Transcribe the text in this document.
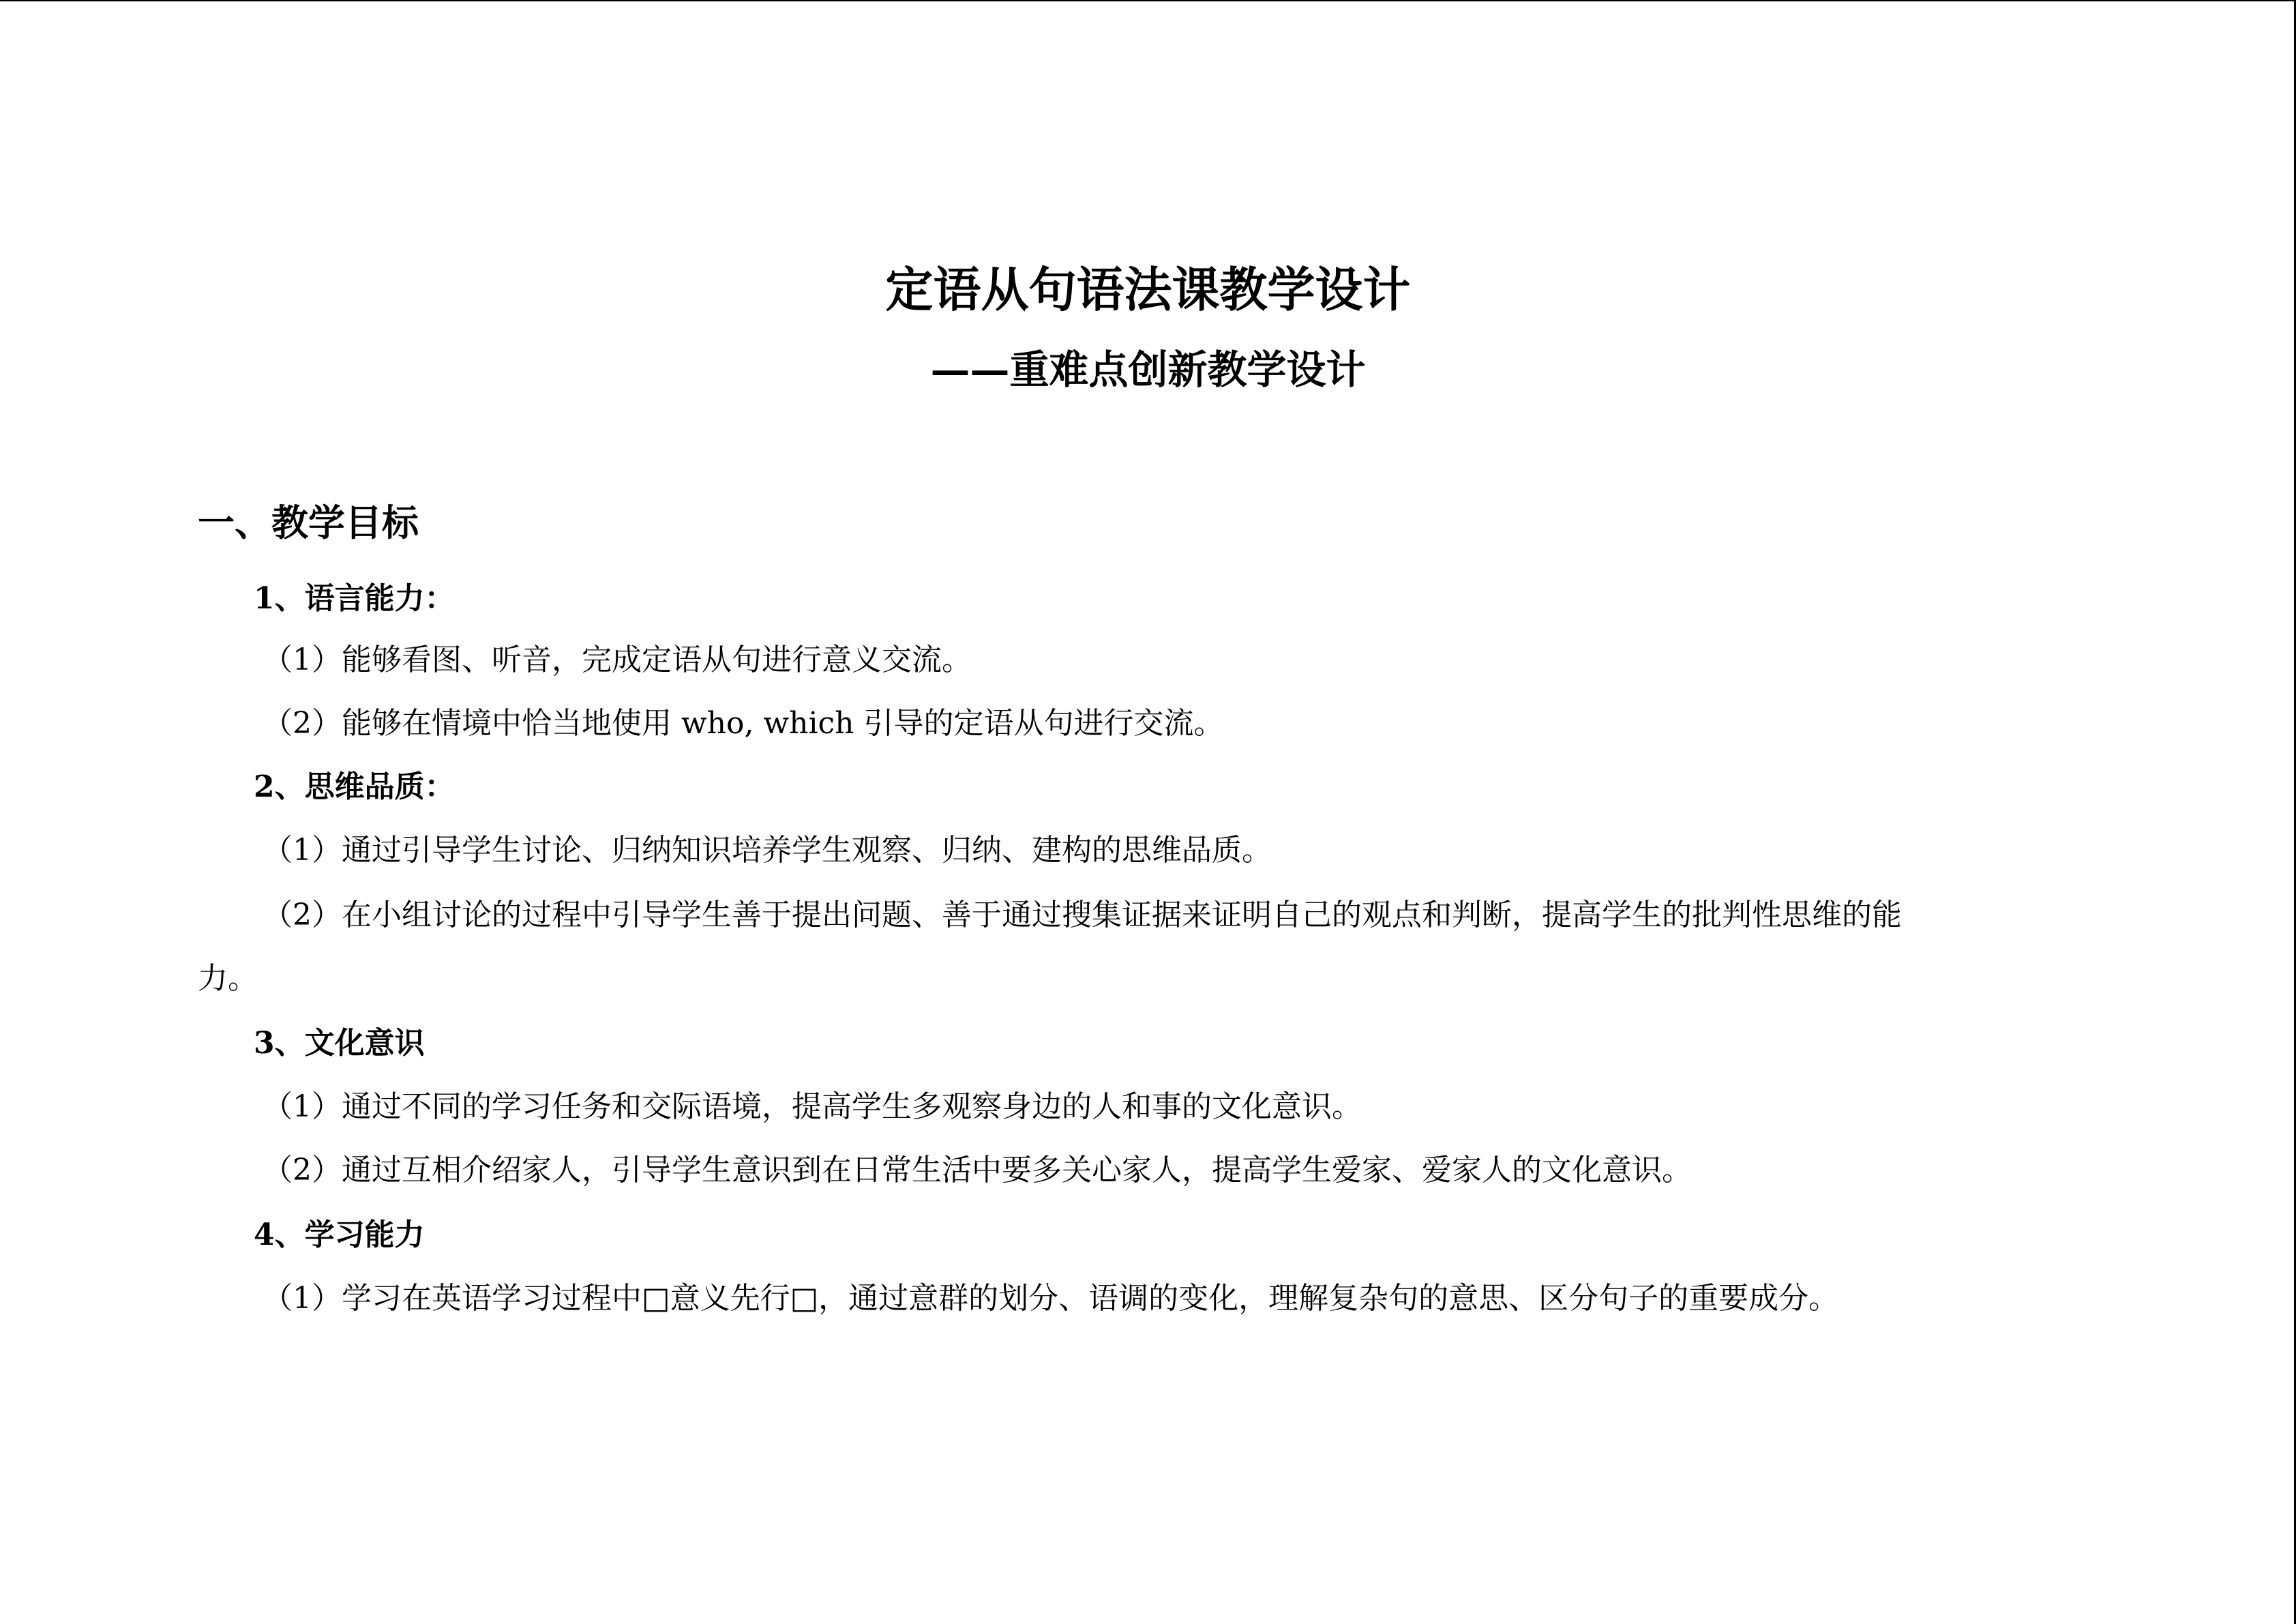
定语从句语法课教学设计
——重难点创新教学设计
一、教学目标
1、语言能力：
（1）能够看图、听音，完成定语从句进行意义交流。
（2）能够在情境中恰当地使用 who, which 引导的定语从句进行交流。
2、思维品质：
（1）通过引导学生讨论、归纳知识培养学生观察、归纳、建构的思维品质。
（2）在小组讨论的过程中引导学生善于提出问题、善于通过搜集证据来证明自己的观点和判断，提高学生的批判性思维的能
力。
3、文化意识
（1）通过不同的学习任务和交际语境，提高学生多观察身边的人和事的文化意识。
（2）通过互相介绍家人，引导学生意识到在日常生活中要多关心家人，提高学生爱家、爱家人的文化意识。
4、学习能力
（1）学习在英语学习过程中□意义先行□，通过意群的划分、语调的变化，理解复杂句的意思、区分句子的重要成分。
